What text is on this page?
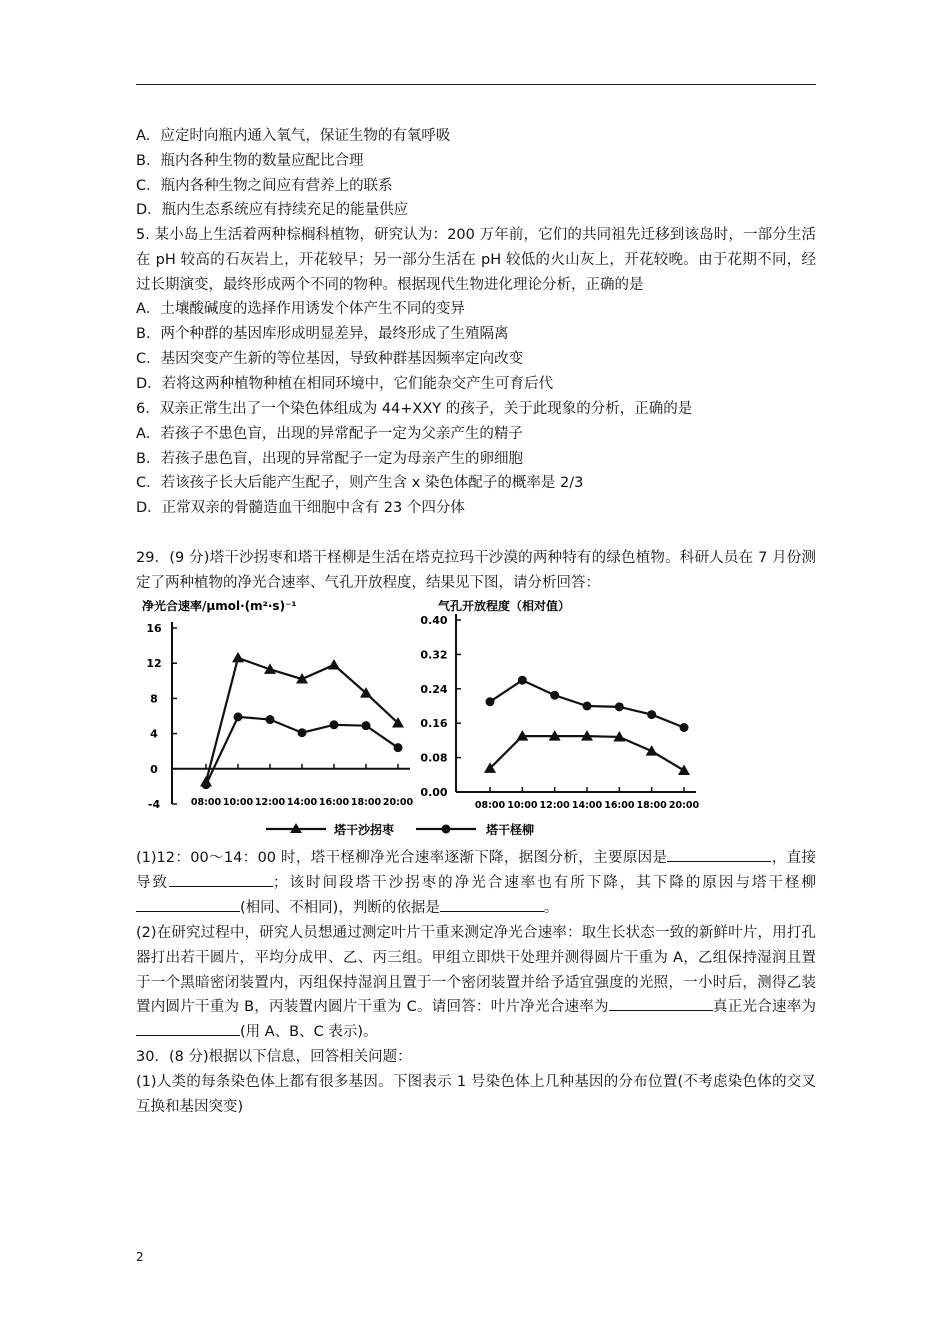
A．应定时向瓶内通入氧气，保证生物的有氧呼吸

B．瓶内各种生物的数量应配比合理

C．瓶内各种生物之间应有营养上的联系

D．瓶内生态系统应有持续充足的能量供应

5. 某小岛上生活着两种棕榈科植物，研究认为：200 万年前，它们的共同祖先迁移到该岛时，一部分生活在 pH 较高的石灰岩上，开花较早；另一部分生活在 pH 较低的火山灰上，开花较晚。由于花期不同，经过长期演变，最终形成两个不同的物种。根据现代生物进化理论分析，正确的是

A．土壤酸碱度的选择作用诱发个体产生不同的变异

B．两个种群的基因库形成明显差异，最终形成了生殖隔离

C．基因突变产生新的等位基因，导致种群基因频率定向改变

D．若将这两种植物种植在相同环境中，它们能杂交产生可育后代

6．双亲正常生出了一个染色体组成为 44+XXY 的孩子，关于此现象的分析，正确的是

A．若孩子不患色盲，出现的异常配子一定为父亲产生的精子

B．若孩子患色盲，出现的异常配子一定为母亲产生的卵细胞

C．若该孩子长大后能产生配子，则产生含 x 染色体配子的概率是 2/3

D．正常双亲的骨髓造血干细胞中含有 23 个四分体

29．(9 分)塔干沙拐枣和塔干柽柳是生活在塔克拉玛干沙漠的两种特有的绿色植物。科研人员在 7 月份测定了两种植物的净光合速率、气孔开放程度，结果见下图，请分析回答：

净光合速率/μmol·(m²·s)⁻¹
16
12
8
4
0
-4	08:00 10:00 12:00 14:00 16:00 18:00 20:00
气孔开放程度（相对值）
0.40
0.32
0.24
0.16
0.08
0.00
08:00 10:00 12:00 14:00 16:00 18:00 20:00
塔干沙拐枣	塔干柽柳

(1)12：00～14：00 时，塔干柽柳净光合速率逐渐下降，据图分析，主要原因是	，直接导致	；该时间段塔干沙拐枣的净光合速率也有所下降，其下降的原因与塔干柽柳(相同、不相同)，判断的依据是	。

(2)在研究过程中，研究人员想通过测定叶片干重来测定净光合速率：取生长状态一致的新鲜叶片，用打孔器打出若干圆片，平均分成甲、乙、丙三组。甲组立即烘干处理并测得圆片干重为 A，乙组保持湿润且置于一个黑暗密闭装置内，丙组保持湿润且置于一个密闭装置并给予适宜强度的光照，一小时后，测得乙装置内圆片干重为 B，丙装置内圆片干重为 C。请回答：叶片净光合速率为	真正光合速率为(用 A、B、C 表示)。

30．(8 分)根据以下信息，回答相关问题：

(1)人类的每条染色体上都有很多基因。下图表示 1 号染色体上几种基因的分布位置(不考虑染色体的交叉互换和基因突变)

2
